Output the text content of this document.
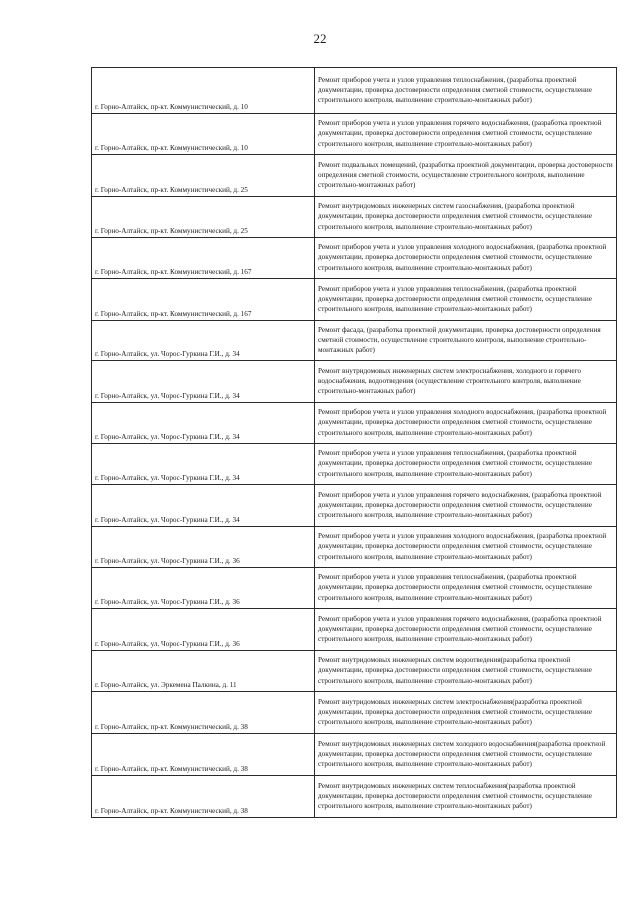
22
г. Горно-Алтайск, пр-кт. Коммунистический, д. 10	Ремонт приборов учета и узлов управления теплоснабжения, (разработка проектной документации, проверка достоверности определения сметной стоимости, осуществление строительного контроля, выполнение строительно-монтажных работ)
г. Горно-Алтайск, пр-кт. Коммунистический, д. 10	Ремонт приборов учета и узлов управления горячего водоснабжения, (разработка проектной документации, проверка достоверности определения сметной стоимости, осуществление строительного контроля, выполнение строительно-монтажных работ)
г. Горно-Алтайск, пр-кт. Коммунистический, д. 25	Ремонт подвальных помещений, (разработка проектной документации, проверка достоверности определения сметной стоимости, осуществление строительного контроля, выполнение строительно-монтажных работ)
г. Горно-Алтайск, пр-кт. Коммунистический, д. 25	Ремонт внутридомовых инженерных систем газоснабжения, (разработка проектной документации, проверка достоверности определения сметной стоимости, осуществление строительного контроля, выполнение строительно-монтажных работ)
г. Горно-Алтайск, пр-кт. Коммунистический, д. 167	Ремонт приборов учета и узлов управления холодного водоснабжения, (разработка проектной документации, проверка достоверности определения сметной стоимости, осуществление строительного контроля, выполнение строительно-монтажных работ)
г. Горно-Алтайск, пр-кт. Коммунистический, д. 167	Ремонт приборов учета и узлов управления теплоснабжения, (разработка проектной документации, проверка достоверности определения сметной стоимости, осуществление строительного контроля, выполнение строительно-монтажных работ)
г. Горно-Алтайск, ул. Чорос-Гуркина Г.И., д. 34	Ремонт фасада, (разработка проектной документации, проверка достоверности определения сметной стоимости, осуществление строительного контроля, выполнение строительно-монтажных работ)
г. Горно-Алтайск, ул. Чорос-Гуркина Г.И., д. 34	Ремонт внутридомовых инженерных систем электроснабжения, холодного и горячего водоснабжения, водоотведения (осуществление строительного контроля, выполнение строительно-монтажных работ)
г. Горно-Алтайск, ул. Чорос-Гуркина Г.И., д. 34	Ремонт приборов учета и узлов управления холодного водоснабжения, (разработка проектной документации, проверка достоверности определения сметной стоимости, осуществление строительного контроля, выполнение строительно-монтажных работ)
г. Горно-Алтайск, ул. Чорос-Гуркина Г.И., д. 34	Ремонт приборов учета и узлов управления теплоснабжения, (разработка проектной документации, проверка достоверности определения сметной стоимости, осуществление строительного контроля, выполнение строительно-монтажных работ)
г. Горно-Алтайск, ул. Чорос-Гуркина Г.И., д. 34	Ремонт приборов учета и узлов управления горячего водоснабжения, (разработка проектной документации, проверка достоверности определения сметной стоимости, осуществление строительного контроля, выполнение строительно-монтажных работ)
г. Горно-Алтайск, ул. Чорос-Гуркина Г.И., д. 36	Ремонт приборов учета и узлов управления холодного водоснабжения, (разработка проектной документации, проверка достоверности определения сметной стоимости, осуществление строительного контроля, выполнение строительно-монтажных работ)
г. Горно-Алтайск, ул. Чорос-Гуркина Г.И., д. 36	Ремонт приборов учета и узлов управления теплоснабжения, (разработка проектной документации, проверка достоверности определения сметной стоимости, осуществление строительного контроля, выполнение строительно-монтажных работ)
г. Горно-Алтайск, ул. Чорос-Гуркина Г.И., д. 36	Ремонт приборов учета и узлов управления горячего водоснабжения, (разработка проектной документации, проверка достоверности определения сметной стоимости, осуществление строительного контроля, выполнение строительно-монтажных работ)
г. Горно-Алтайск, ул. Эркемена Палкина, д. 11	Ремонт внутридомовых инженерных систем водоотведения(разработка проектной документации, проверка достоверности определения сметной стоимости, осуществление строительного контроля, выполнение строительно-монтажных работ)
г. Горно-Алтайск, пр-кт. Коммунистический, д. 38	Ремонт внутридомовых инженерных систем электроснабжения(разработка проектной документации, проверка достоверности определения сметной стоимости, осуществление строительного контроля, выполнение строительно-монтажных работ)
г. Горно-Алтайск, пр-кт. Коммунистический, д. 38	Ремонт внутридомовых инженерных систем холодного водоснабжения(разработка проектной документации, проверка достоверности определения сметной стоимости, осуществление строительного контроля, выполнение строительно-монтажных работ)
г. Горно-Алтайск, пр-кт. Коммунистический, д. 38	Ремонт внутридомовых инженерных систем теплоснабжения(разработка проектной документации, проверка достоверности определения сметной стоимости, осуществление строительного контроля, выполнение строительно-монтажных работ)
